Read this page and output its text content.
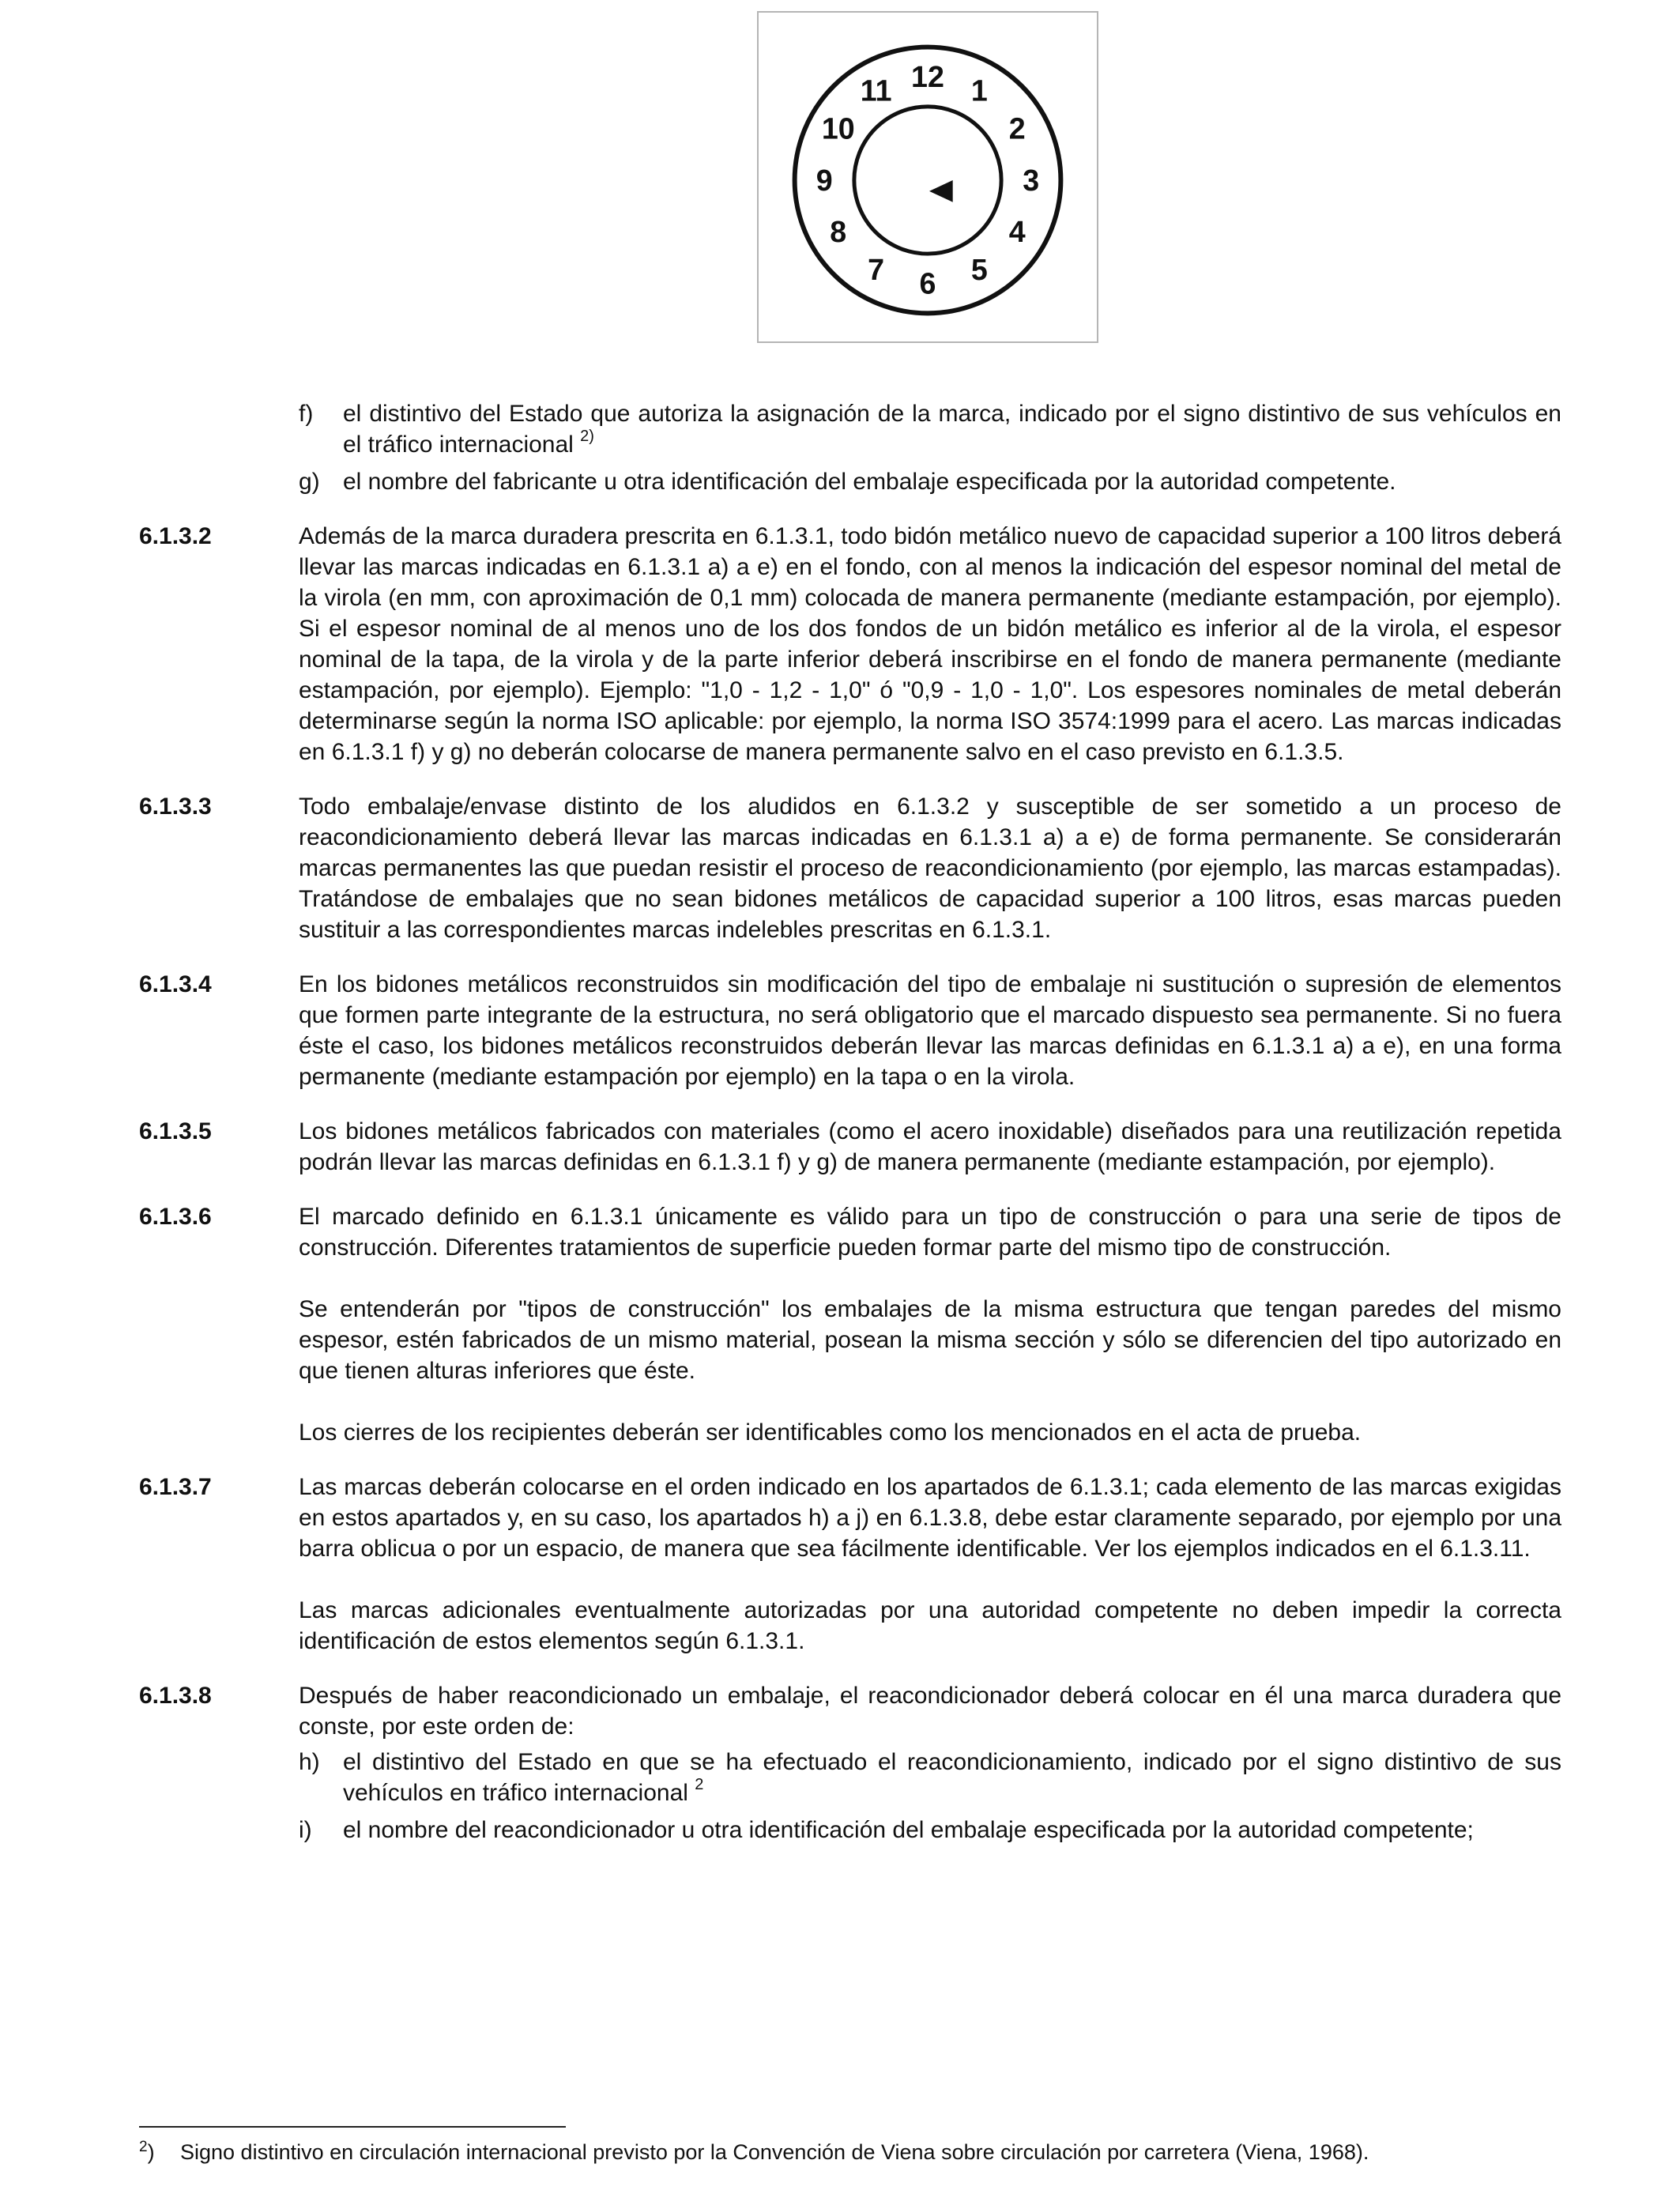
1
2
3
4
5
6
7
8
9
10
11 12
f)	el distintivo del Estado que autoriza la asignación de la marca, indicado por el signo distintivo de sus vehículos en el tráfico internacional $^{2)}$
g) el nombre del fabricante u otra identificación del embalaje especificada por la autoridad competente.
6.1.3.2	Además de la marca duradera prescrita en 6.1.3.1, todo bidón metálico nuevo de capacidad superior a 100 litros deberá llevar las marcas indicadas en 6.1.3.1 a) a e) en el fondo, con al menos la indicación del espesor nominal del metal de la virola (en mm, con aproximación de 0,1 mm) colocada de manera permanente (mediante estampación, por ejemplo). Si el espesor nominal de al menos uno de los dos fondos de un bidón metálico es inferior al de la virola, el espesor nominal de la tapa, de la virola y de la parte inferior deberá inscribirse en el fondo de manera permanente (mediante estampación, por ejemplo). Ejemplo: "1,0 - 1,2 - 1,0" ó "0,9 - 1,0 - 1,0". Los espesores nominales de metal deberán determinarse según la norma ISO aplicable: por ejemplo, la norma ISO 3574:1999 para el acero. Las marcas indicadas en 6.1.3.1 f) y g) no deberán colocarse de manera permanente salvo en el caso previsto en 6.1.3.5.

6.1.3.3	Todo embalaje/envase distinto de los aludidos en 6.1.3.2 y susceptible de ser sometido a un proceso de reacondicionamiento deberá llevar las marcas indicadas en 6.1.3.1 a) a e) de forma permanente. Se considerarán marcas permanentes las que puedan resistir el proceso de reacondicionamiento (por ejemplo, las marcas estampadas). Tratándose de embalajes que no sean bidones metálicos de capacidad superior a 100 litros, esas marcas pueden sustituir a las correspondientes marcas indelebles prescritas en 6.1.3.1.

6.1.3.4	En los bidones metálicos reconstruidos sin modificación del tipo de embalaje ni sustitución o supresión de elementos que formen parte integrante de la estructura, no será obligatorio que el marcado dispuesto sea permanente. Si no fuera éste el caso, los bidones metálicos reconstruidos deberán llevar las marcas definidas en 6.1.3.1 a) a e), en una forma permanente (mediante estampación por ejemplo) en la tapa o en la virola.

6.1.3.5	Los bidones metálicos fabricados con materiales (como el acero inoxidable) diseñados para una reutilización repetida podrán llevar las marcas definidas en 6.1.3.1 f) y g) de manera permanente (mediante estampación, por ejemplo).

6.1.3.6	El marcado definido en 6.1.3.1 únicamente es válido para un tipo de construcción o para una serie de tipos de construcción. Diferentes tratamientos de superficie pueden formar parte del mismo tipo de construcción.

Se entenderán por "tipos de construcción" los embalajes de la misma estructura que tengan paredes del mismo espesor, estén fabricados de un mismo material, posean la misma sección y sólo se diferencien del tipo autorizado en que tienen alturas inferiores que éste.

Los cierres de los recipientes deberán ser identificables como los mencionados en el acta de prueba.

6.1.3.7	Las marcas deberán colocarse en el orden indicado en los apartados de 6.1.3.1; cada elemento de las marcas exigidas en estos apartados y, en su caso, los apartados h) a j) en 6.1.3.8, debe estar claramente separado, por ejemplo por una barra oblicua o por un espacio, de manera que sea fácilmente identificable. Ver los ejemplos indicados en el 6.1.3.11.

Las marcas adicionales eventualmente autorizadas por una autoridad competente no deben impedir la correcta identificación de estos elementos según 6.1.3.1.

6.1.3.8	Después de haber reacondicionado un embalaje, el reacondicionador deberá colocar en él una marca duradera que conste, por este orden de:

h) el distintivo del Estado en que se ha efectuado el reacondicionamiento, indicado por el signo distintivo de sus vehículos en tráfico internacional $^2$
i)	el nombre del reacondicionador u otra identificación del embalaje especificada por la autoridad competente;
$^2$)	Signo distintivo en circulación internacional previsto por la Convención de Viena sobre circulación por carretera (Viena, 1968).
